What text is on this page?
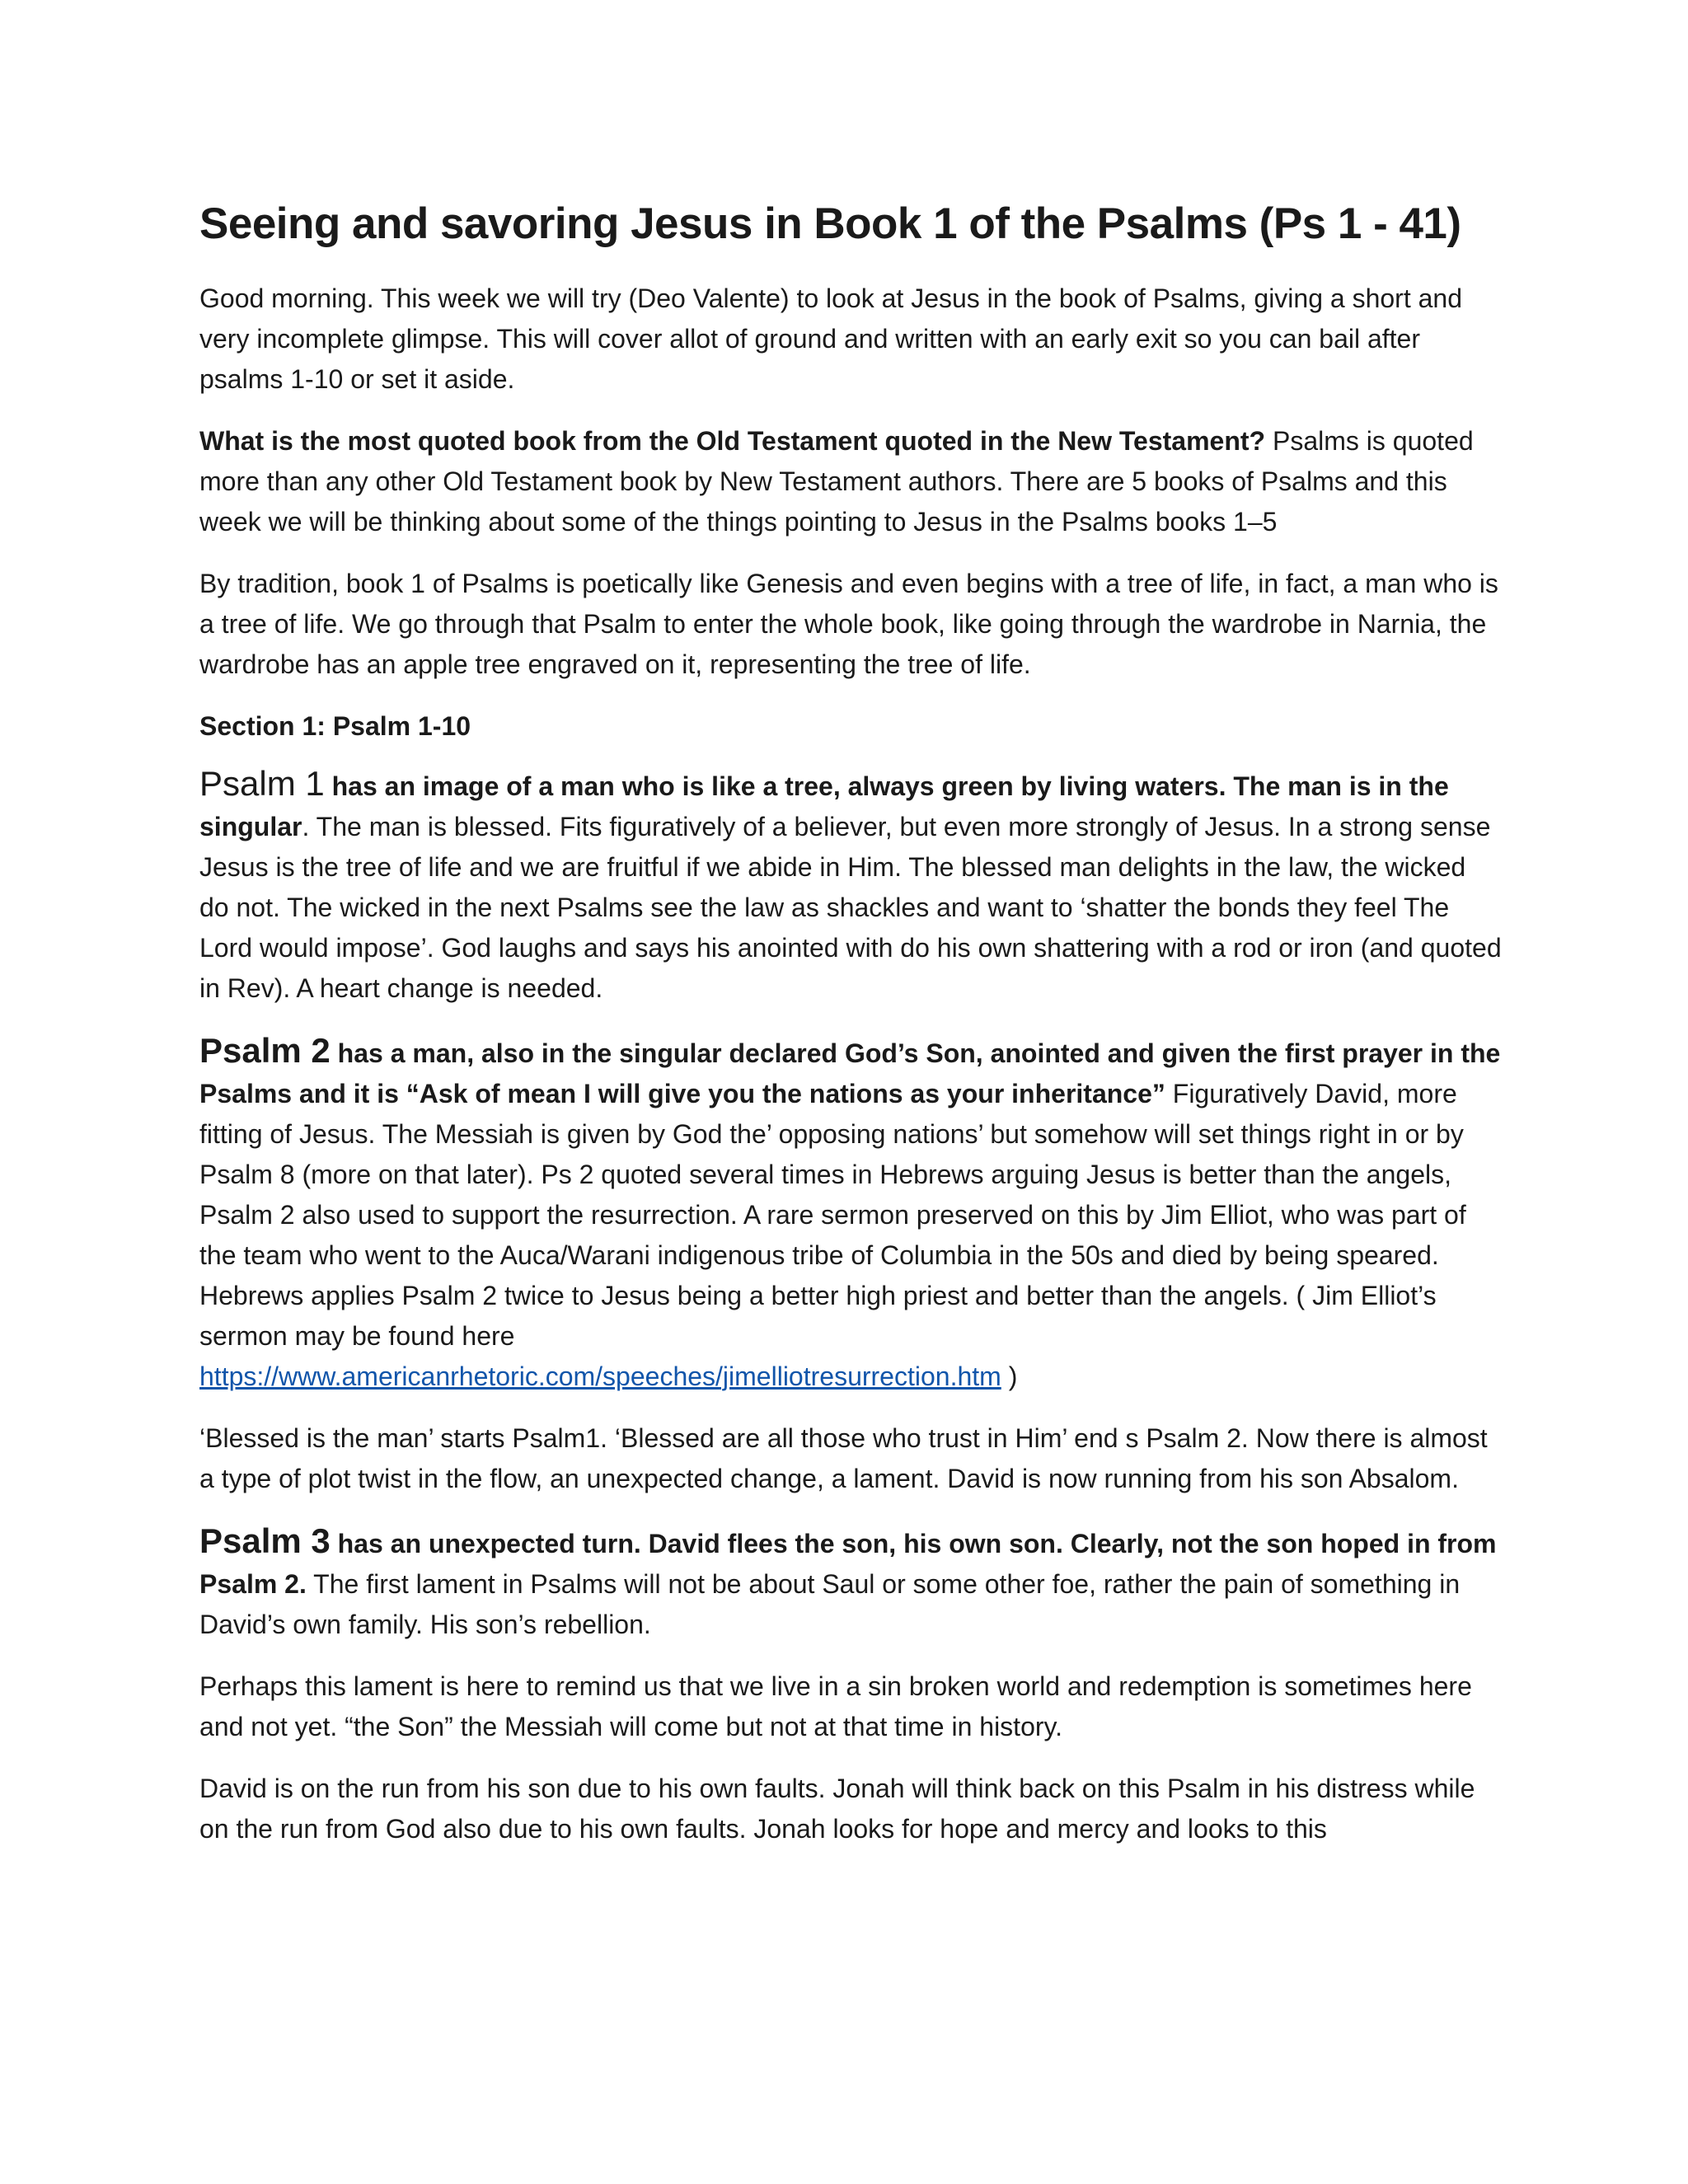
Seeing and savoring Jesus in Book 1 of the Psalms (Ps 1 - 41)

Good morning. This week we will try (Deo Valente) to look at Jesus in the book of Psalms, giving a short and very incomplete glimpse. This will cover allot of ground and written with an early exit so you can bail after psalms 1-10 or set it aside.

What is the most quoted book from the Old Testament quoted in the New Testament? Psalms is quoted more than any other Old Testament book by New Testament authors. There are 5 books of Psalms and this week we will be thinking about some of the things pointing to Jesus in the Psalms books 1–5

By tradition, book 1 of Psalms is poetically like Genesis and even begins with a tree of life, in fact, a man who is a tree of life. We go through that Psalm to enter the whole book, like going through the wardrobe in Narnia, the wardrobe has an apple tree engraved on it, representing the tree of life.

Section 1: Psalm 1-10

Psalm 1 has an image of a man who is like a tree, always green by living waters. The man is in the singular. The man is blessed. Fits figuratively of a believer, but even more strongly of Jesus. In a strong sense Jesus is the tree of life and we are fruitful if we abide in Him. The blessed man delights in the law, the wicked do not. The wicked in the next Psalms see the law as shackles and want to ‘shatter the bonds they feel The Lord would impose’. God laughs and says his anointed with do his own shattering with a rod or iron (and quoted in Rev). A heart change is needed.

Psalm 2 has a man, also in the singular declared God’s Son, anointed and given the first prayer in the Psalms and it is “Ask of mean I will give you the nations as your inheritance” Figuratively David, more fitting of Jesus. The Messiah is given by God the’ opposing nations’ but somehow will set things right in or by Psalm 8 (more on that later). Ps 2 quoted several times in Hebrews arguing Jesus is better than the angels, Psalm 2 also used to support the resurrection. A rare sermon preserved on this by Jim Elliot, who was part of the team who went to the Auca/Warani indigenous tribe of Columbia in the 50s and died by being speared. Hebrews applies Psalm 2 twice to Jesus being a better high priest and better than the angels. ( Jim Elliot’s sermon may be found here
https://www.americanrhetoric.com/speeches/jimelliotresurrection.htm )

‘Blessed is the man’ starts Psalm1. ‘Blessed are all those who trust in Him’ end s Psalm 2. Now there is almost a type of plot twist in the flow, an unexpected change, a lament. David is now running from his son Absalom.

Psalm 3 has an unexpected turn. David flees the son, his own son. Clearly, not the son hoped in from Psalm 2. The first lament in Psalms will not be about Saul or some other foe, rather the pain of something in David’s own family. His son’s rebellion.

Perhaps this lament is here to remind us that we live in a sin broken world and redemption is sometimes here and not yet. “the Son” the Messiah will come but not at that time in history.

David is on the run from his son due to his own faults. Jonah will think back on this Psalm in his distress while on the run from God also due to his own faults. Jonah looks for hope and mercy and looks to this
